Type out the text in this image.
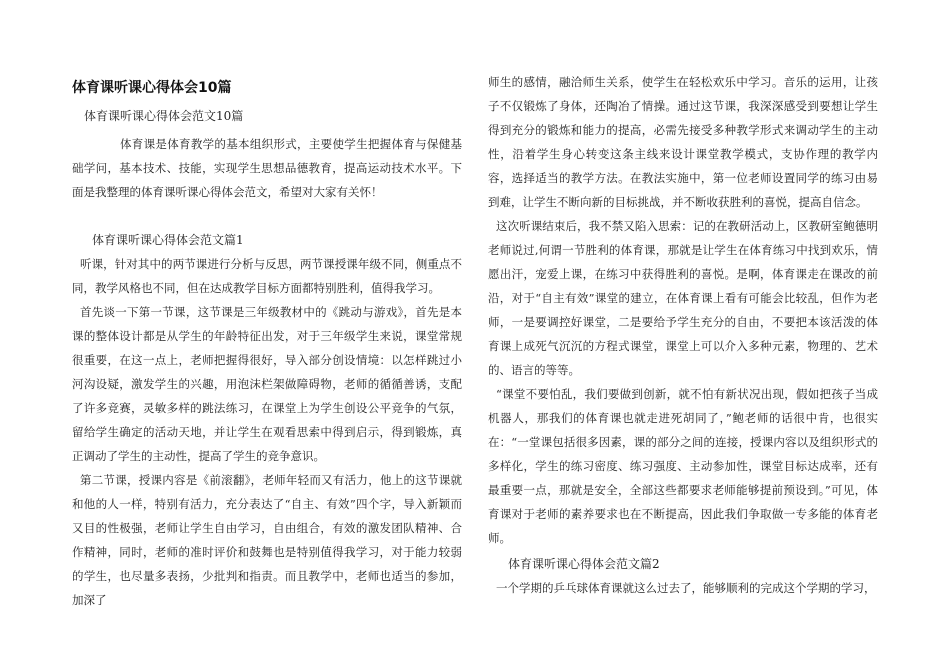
体育课听课心得体会10篇
体育课听课心得体会范文10篇

体育课是体育教学的基本组织形式，主要使学生把握体育与保健基础学问，基本技术、技能，实现学生思想品德教育，提高运动技术水平。下面是我整理的体育课听课心得体会范文，希望对大家有关怀！

体育课听课心得体会范文篇1

听课，针对其中的两节课进行分析与反思，两节课授课年级不同，侧重点不同，教学风格也不同，但在达成教学目标方面都特别胜利，值得我学习。

首先谈一下第一节课，这节课是三年级教材中的《跳动与游戏》，首先是本课的整体设计都是从学生的年龄特征出发，对于三年级学生来说，课堂常规很重要，在这一点上，老师把握得很好，导入部分创设情境：以怎样跳过小河沟设疑，激发学生的兴趣，用泡沫栏架做障碍物，老师的循循善诱，支配了许多竞赛，灵敏多样的跳法练习，在课堂上为学生创设公平竞争的气氛，留给学生确定的活动天地，并让学生在观看思索中得到启示，得到锻炼，真正调动了学生的主动性，提高了学生的竞争意识。

第二节课，授课内容是《前滚翻》，老师年轻而又有活力，他上的这节课就和他的人一样，特别有活力，充分表达了“自主、有效”四个字，导入新颖而又目的性极强，老师让学生自由学习，自由组合，有效的激发团队精神、合作精神，同时，老师的准时评价和鼓舞也是特别值得我学习，对于能力较弱的学生，也尽量多表扬，少批判和指责。而且教学中，老师也适当的参加，加深了

师生的感情，融洽师生关系，使学生在轻松欢乐中学习。音乐的运用，让孩子不仅锻炼了身体，还陶冶了情操。通过这节课，我深深感受到要想让学生得到充分的锻炼和能力的提高，必需先接受多种教学形式来调动学生的主动性，沿着学生身心转变这条主线来设计课堂教学模式，支协作理的教学内容，选择适当的教学方法。在教法实施中，第一位老师设置同学的练习由易到难，让学生不断向新的目标挑战，并不断收获胜利的喜悦，提高自信念。

这次听课结束后，我不禁又陷入思索：记的在教研活动上，区教研室鲍德明老师说过,何谓一节胜利的体育课，那就是让学生在体育练习中找到欢乐，情愿出汗，宠爱上课，在练习中获得胜利的喜悦。是啊，体育课走在课改的前沿，对于“自主有效”课堂的建立，在体育课上看有可能会比较乱，但作为老师，一是要调控好课堂，二是要给予学生充分的自由，不要把本该活泼的体育课上成死气沉沉的方程式课堂，课堂上可以介入多种元素，物理的、艺术的、语言的等等。

“课堂不要怕乱，我们要做到创新，就不怕有新状况出现，假如把孩子当成机器人，那我们的体育课也就走进死胡同了，”鲍老师的话很中肯，也很实在：“一堂课包括很多因素，课的部分之间的连接，授课内容以及组织形式的多样化，学生的练习密度、练习强度、主动参加性，课堂目标达成率，还有最重要一点，那就是安全，全部这些都要求老师能够提前预设到。”可见，体育课对于老师的素养要求也在不断提高，因此我们争取做一专多能的体育老师。

体育课听课心得体会范文篇2

一个学期的乒乓球体育课就这么过去了，能够顺利的完成这个学期的学习，
